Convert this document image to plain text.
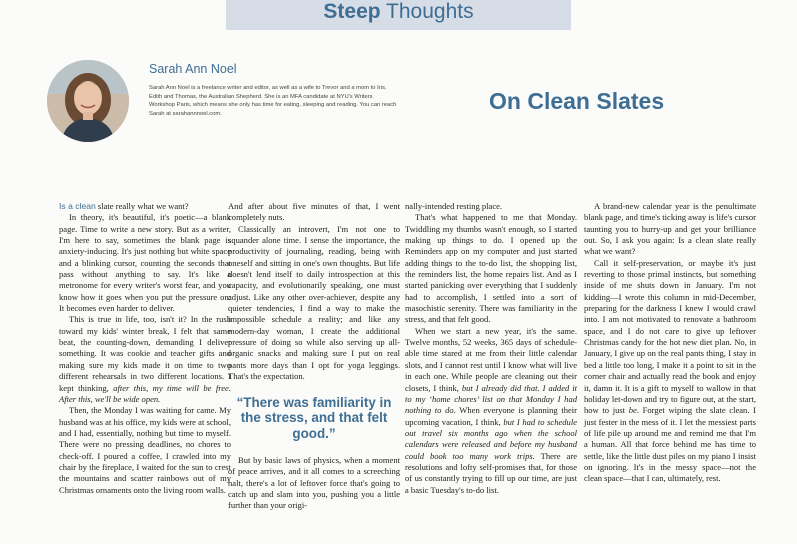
Steep Thoughts
Sarah Ann Noel
Sarah Ann Noel is a freelance writer and editor, as well as a wife to Trevor and a mom to Iris, Edith and Thomas, the Australian Shepherd. She is an MFA candidate at NYU's Writers Workshop Paris, which means she only has time for eating, sleeping and reading. You can reach Sarah at sarahannnoel.com.	On Clean Slates

Is a clean slate really what we want?

In theory, it's beautiful, it's poetic—a blank page. Time to write a new story. But as a writer, I'm here to say, sometimes the blank page is anxiety-inducing. It's just nothing but white space and a blinking cursor, counting the seconds that pass without anything to say. It's like a metronome for every writer's worst fear, and you know how it goes when you put the pressure on: It becomes even harder to deliver.

This is true in life, too, isn't it? In the rush toward my kids' winter break, I felt that same beat, the counting-down, demanding I deliver something. It was cookie and teacher gifts and making sure my kids made it on time to two different rehearsals in two different locations. I kept thinking, after this, my time will be free. After this, we'll be wide open.

Then, the Monday I was waiting for came. My husband was at his office, my kids were at school, and I had, essentially, nothing but time to myself. There were no pressing deadlines, no chores to check-off. I poured a coffee, I crawled into my chair by the fireplace, I waited for the sun to crest the mountains and scatter rainbows out of my Christmas ornaments onto the living room walls.

And after about five minutes of that, I went completely nuts.

Classically an introvert, I'm not one to squander alone time. I sense the importance, the productivity of journaling, reading, being with oneself and sitting in one's own thoughts. But life doesn't lend itself to daily introspection at this capacity, and evolutionarily speaking, one must adjust. Like any other over-achiever, despite any quieter tendencies, I find a way to make the impossible schedule a reality; and like any modern-day woman, I create the additional pressure of doing so while also serving up all-organic snacks and making sure I put on real pants more days than I opt for yoga leggings. That's the expectation.

“There was familiarity in the stress, and that felt good.”

But by basic laws of physics, when a moment of peace arrives, and it all comes to a screeching halt, there's a lot of leftover force that's going to catch up and slam into you, pushing you a little further than your origi-

nally-intended resting place.

That's what happened to me that Monday. Twiddling my thumbs wasn't enough, so I started making up things to do. I opened up the Reminders app on my computer and just started adding things to the to-do list, the shopping list, the reminders list, the home repairs list. And as I started panicking over everything that I suddenly had to accomplish, I settled into a sort of masochistic serenity. There was familiarity in the stress, and that felt good.

When we start a new year, it's the same. Twelve months, 52 weeks, 365 days of schedule-able time stared at me from their little calendar slots, and I cannot rest until I know what will live in each one. While people are cleaning out their closets, I think, but I already did that. I added it to my ‘home chores’ list on that Monday I had nothing to do. When everyone is planning their upcoming vacation, I think, but I had to schedule out travel six months ago when the school calendars were released and before my husband could book too many work trips. There are resolutions and lofty self-promises that, for those of us constantly trying to fill up our time, are just a basic Tuesday's to-do list.

A brand-new calendar year is the penultimate blank page, and time's ticking away is life's cursor taunting you to hurry-up and get your brilliance out. So, I ask you again: Is a clean slate really what we want?

Call it self-preservation, or maybe it's just reverting to those primal instincts, but something inside of me shuts down in January. I'm not kidding—I wrote this column in mid-December, preparing for the darkness I knew I would crawl into. I am not motivated to renovate a bathroom space, and I do not care to give up leftover Christmas candy for the hot new diet plan. No, in January, I give up on the real pants thing, I stay in bed a little too long, I make it a point to sit in the corner chair and actually read the book and enjoy it, damn it. It is a gift to myself to wallow in that holiday let-down and try to figure out, at the start, how to just be. Forget wiping the slate clean. I just fester in the mess of it. I let the messiest parts of life pile up around me and remind me that I'm a human. All that force behind me has time to settle, like the little dust piles on my piano I insist on ignoring. It's in the messy space—not the clean space—that I can, ultimately, rest.
